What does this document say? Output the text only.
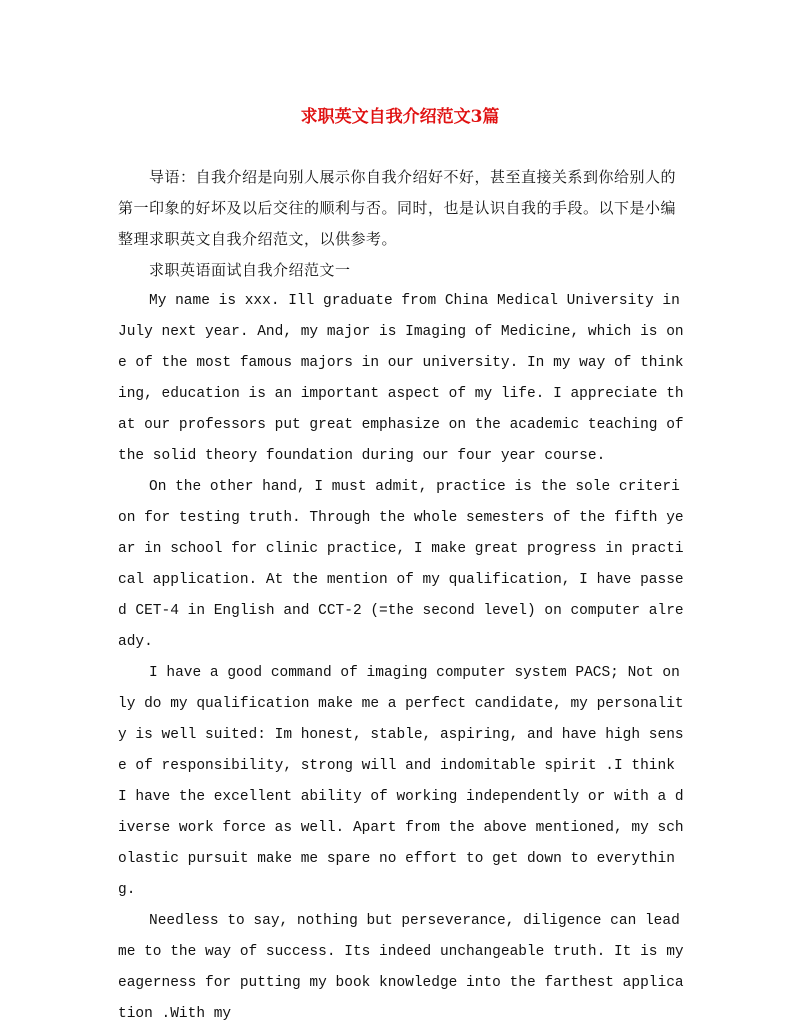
求职英文自我介绍范文3篇

导语：自我介绍是向别人展示你自我介绍好不好，甚至直接关系到你给别人的第一印象的好坏及以后交往的顺利与否。同时，也是认识自我的手段。以下是小编整理求职英文自我介绍范文，以供参考。

求职英语面试自我介绍范文一

My name is xxx. Ill graduate from China Medical University in July next year. And, my major is Imaging of Medicine, which is one of the most famous majors in our university. In my way of thinking, education is an important aspect of my life. I appreciate that our professors put great emphasize on the academic teaching of the solid theory foundation during our four year course.

On the other hand, I must admit, practice is the sole criterion for testing truth. Through the whole semesters of the fifth year in school for clinic practice, I make great progress in practical application. At the mention of my qualification, I have passed CET-4 in English and CCT-2 (=the second level) on computer already.

I have a good command of imaging computer system PACS; Not only do my qualification make me a perfect candidate, my personality is well suited: Im honest, stable, aspiring, and have high sense of responsibility, strong will and indomitable spirit .I think I have the excellent ability of working independently or with a diverse work force as well. Apart from the above mentioned, my scholastic pursuit make me spare no effort to get down to everything.

Needless to say, nothing but perseverance, diligence can lead me to the way of success. Its indeed unchangeable truth. It is my eagerness for putting my book knowledge into the farthest application .With my
